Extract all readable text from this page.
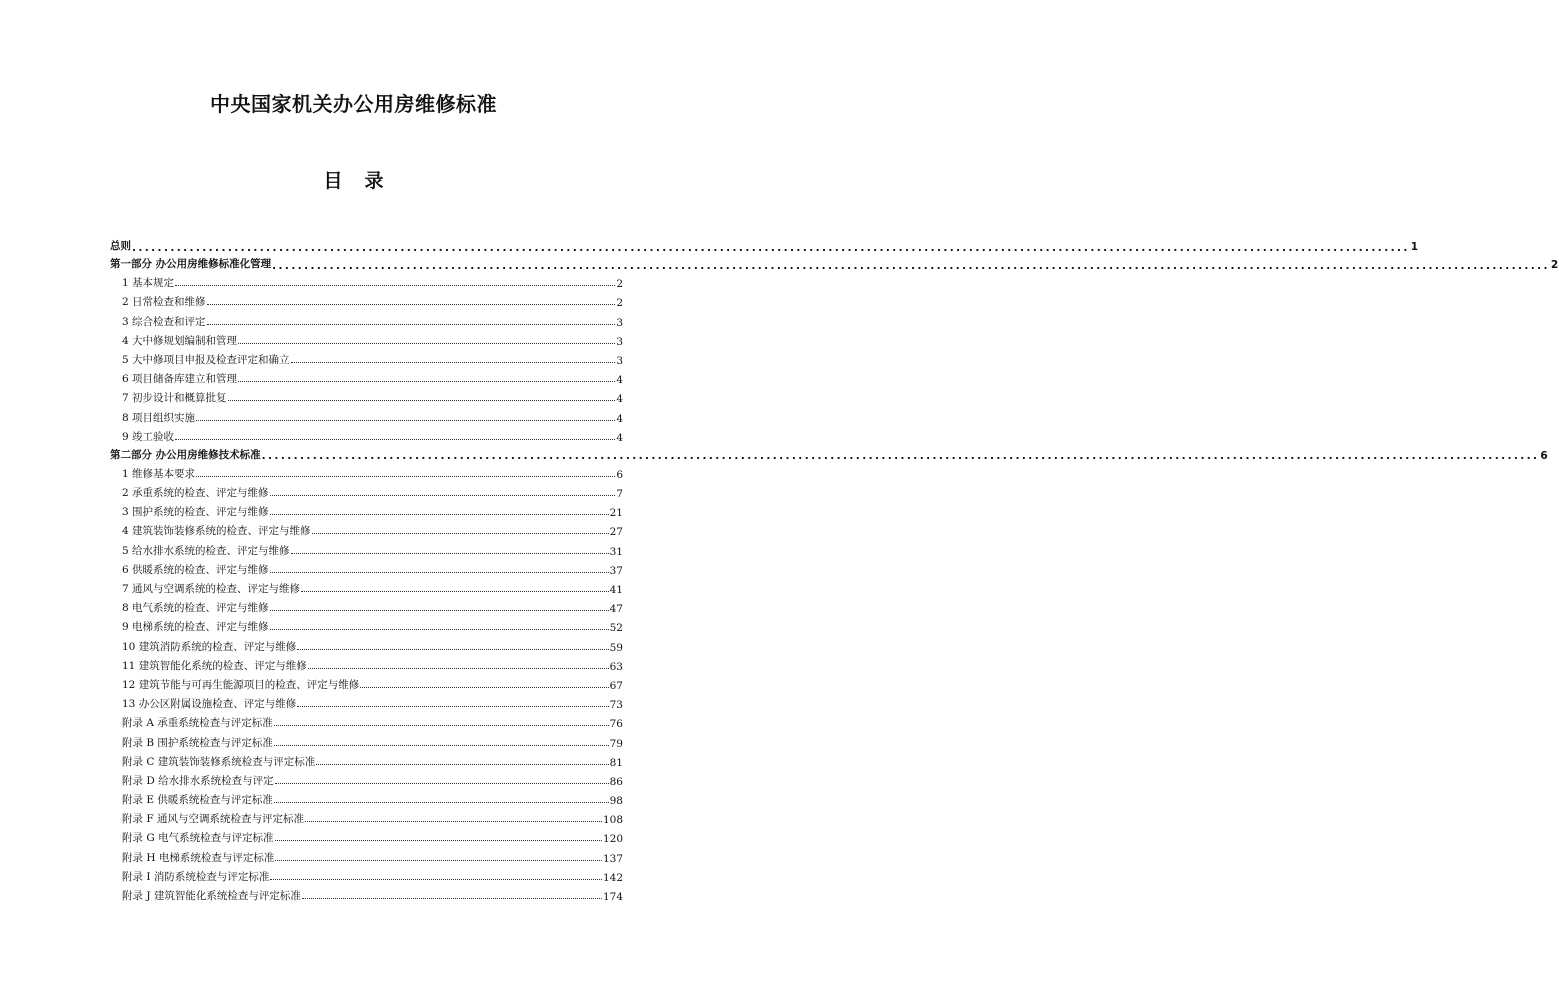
中央国家机关办公用房维修标准
目录
总则 ........................................................................................................................................................................................................ 1
第一部分 办公用房维修标准化管理 ........................................................................................................................................................................................................ 2
1 基本规定	2
2 日常检查和维修	2
3 综合检查和评定	3
4 大中修规划编制和管理	3
5 大中修项目申报及检查评定和确立	3
6 项目储备库建立和管理	4
7 初步设计和概算批复	4
8 项目组织实施	4
9 竣工验收	4
第二部分 办公用房维修技术标准 ........................................................................................................................................................................................................ 6
1 维修基本要求	6
2 承重系统的检查、评定与维修	7
3 围护系统的检查、评定与维修	21
4 建筑装饰装修系统的检查、评定与维修	27
5 给水排水系统的检查、评定与维修	31
6 供暖系统的检查、评定与维修	37
7 通风与空调系统的检查、评定与维修	41
8 电气系统的检查、评定与维修	47
9 电梯系统的检查、评定与维修	52
10 建筑消防系统的检查、评定与维修	59
11 建筑智能化系统的检查、评定与维修	63
12 建筑节能与可再生能源项目的检查、评定与维修	67
13 办公区附属设施检查、评定与维修	73
附录 A 承重系统检查与评定标准	76
附录 B 围护系统检查与评定标准	79
附录 C 建筑装饰装修系统检查与评定标准	81
附录 D 给水排水系统检查与评定	86
附录 E 供暖系统检查与评定标准	98
附录 F 通风与空调系统检查与评定标准	108
附录 G 电气系统检查与评定标准	120
附录 H 电梯系统检查与评定标准	137
附录 I 消防系统检查与评定标准	142
附录 J 建筑智能化系统检查与评定标准	174
